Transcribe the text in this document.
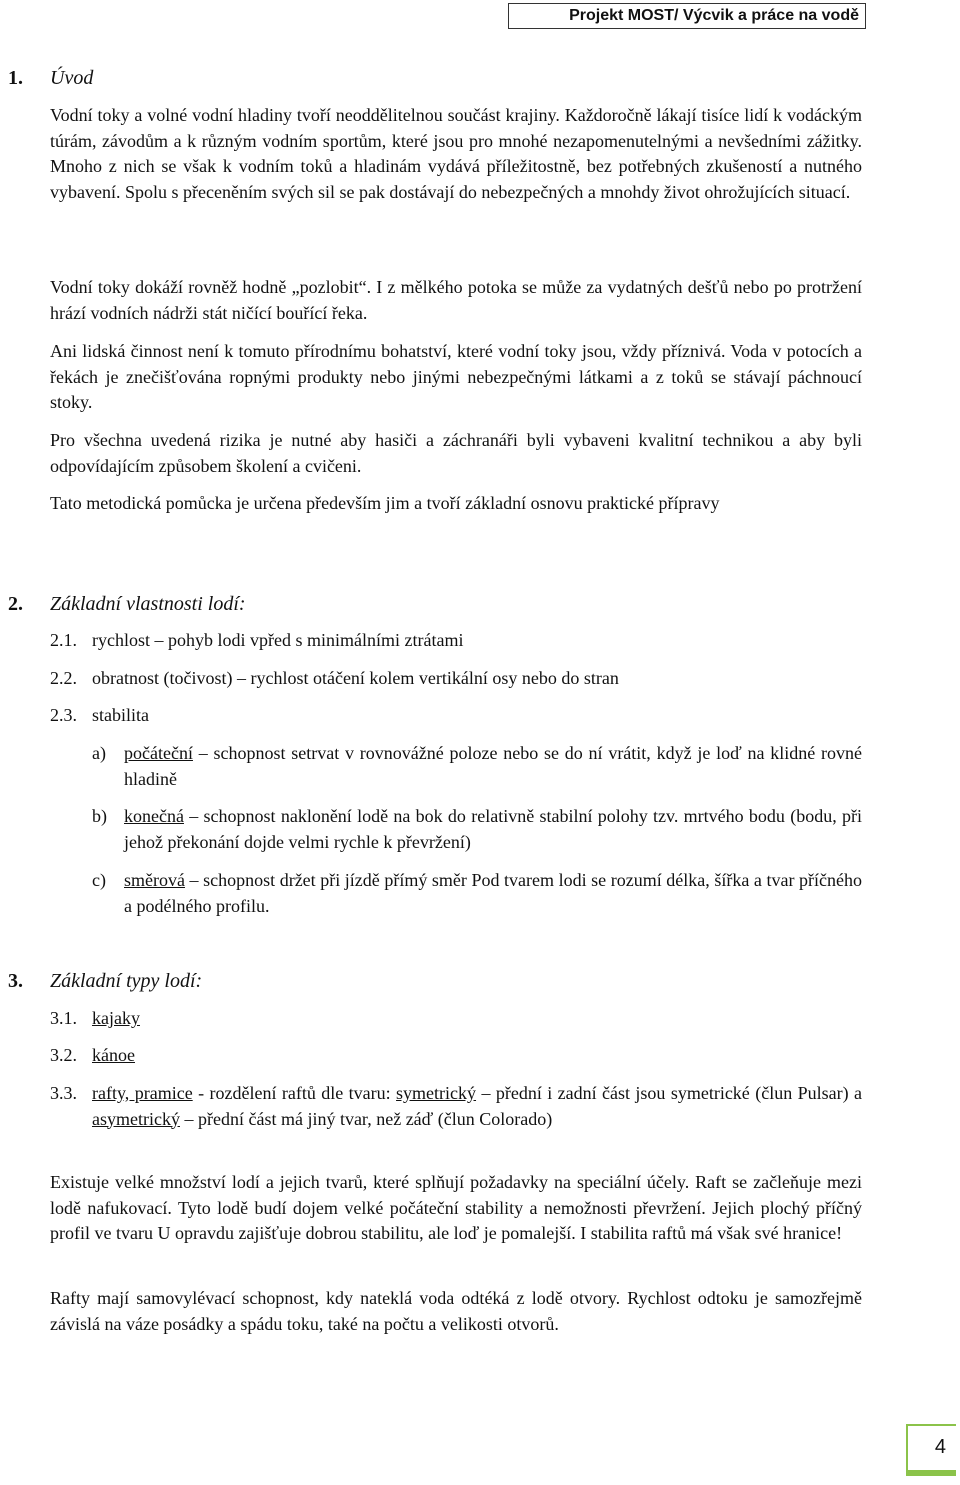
Projekt MOST/ Výcvik a práce na vodě
1. Úvod

Vodní toky a volné vodní hladiny tvoří neoddělitelnou součást krajiny. Každoročně lákají tisíce lidí k vodáckým túrám, závodům a k různým vodním sportům, které jsou pro mnohé nezapomenutelnými a nevšedními zážitky. Mnoho z nich se však k vodním toků a hladinám vydává příležitostně, bez potřebných zkušeností a nutného vybavení. Spolu s přeceněním svých sil se pak dostávají do nebezpečných a mnohdy život ohrožujících situací.

Vodní toky dokáží rovněž hodně „pozlobit“. I z mělkého potoka se může za vydatných dešťů nebo po protržení hrází vodních nádrži stát ničící bouřící řeka.

Ani lidská činnost není k tomuto přírodnímu bohatství, které vodní toky jsou, vždy příznivá. Voda v potocích a řekách je znečišťována ropnými produkty nebo jinými nebezpečnými látkami a z toků se stávají páchnoucí stoky.

Pro všechna uvedená rizika je nutné aby hasiči a záchranáři byli vybaveni kvalitní technikou a aby byli odpovídajícím způsobem školení a cvičeni.

Tato metodická pomůcka je určena především jim a tvoří základní osnovu praktické přípravy

2. Základní vlastnosti lodí:
2.1. rychlost – pohyb lodi vpřed s minimálními ztrátami
2.2. obratnost (točivost) – rychlost otáčení kolem vertikální osy nebo do stran
2.3. stabilita
a)	počáteční – schopnost setrvat v rovnovážné poloze nebo se do ní vrátit, když je loď na klidné rovné hladině
b) konečná – schopnost naklonění lodě na bok do relativně stabilní polohy tzv. mrtvého bodu (bodu, při jehož překonání dojde velmi rychle k převržení)
c)	směrová – schopnost držet při jízdě přímý směr Pod tvarem lodi se rozumí délka, šířka a tvar příčného a podélného profilu.
3. Základní typy lodí:
3.1. kajaky
3.2. kánoe
3.3. rafty, pramice - rozdělení raftů dle tvaru: symetrický – přední i zadní část jsou symetrické (člun Pulsar) a asymetrický – přední část má jiný tvar, než záď (člun Colorado)

Existuje velké množství lodí a jejich tvarů, které splňují požadavky na speciální účely. Raft se začleňuje mezi lodě nafukovací. Tyto lodě budí dojem velké počáteční stability a nemožnosti převržení. Jejich plochý příčný profil ve tvaru U opravdu zajišťuje dobrou stabilitu, ale loď je pomalejší. I stabilita raftů má však své hranice!

Rafty mají samovylévací schopnost, kdy nateklá voda odtéká z lodě otvory. Rychlost odtoku je samozřejmě závislá na váze posádky a spádu toku, také na počtu a velikosti otvorů.

4
